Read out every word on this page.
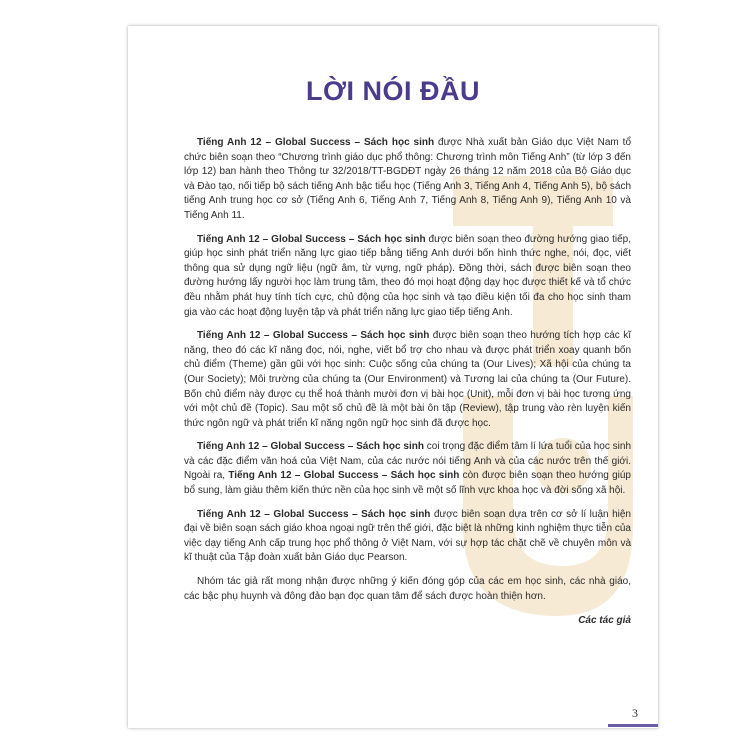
LỜI NÓI ĐẦU

Tiếng Anh 12 – Global Success – Sách học sinh được Nhà xuất bản Giáo dục Việt Nam tổ chức biên soạn theo “Chương trình giáo dục phổ thông: Chương trình môn Tiếng Anh” (từ lớp 3 đến lớp 12) ban hành theo Thông tư 32/2018/TT-BGDĐT ngày 26 tháng 12 năm 2018 của Bộ Giáo dục và Đào tạo, nối tiếp bộ sách tiếng Anh bậc tiểu học (Tiếng Anh 3, Tiếng Anh 4, Tiếng Anh 5), bộ sách tiếng Anh trung học cơ sở (Tiếng Anh 6, Tiếng Anh 7, Tiếng Anh 8, Tiếng Anh 9), Tiếng Anh 10 và Tiếng Anh 11.

Tiếng Anh 12 – Global Success – Sách học sinh được biên soạn theo đường hướng giao tiếp, giúp học sinh phát triển năng lực giao tiếp bằng tiếng Anh dưới bốn hình thức nghe, nói, đọc, viết thông qua sử dụng ngữ liệu (ngữ âm, từ vựng, ngữ pháp). Đồng thời, sách được biên soạn theo đường hướng lấy người học làm trung tâm, theo đó mọi hoạt động dạy học được thiết kế và tổ chức đều nhằm phát huy tính tích cực, chủ động của học sinh và tạo điều kiện tối đa cho học sinh tham gia vào các hoạt động luyện tập và phát triển năng lực giao tiếp tiếng Anh.

Tiếng Anh 12 – Global Success – Sách học sinh được biên soạn theo hướng tích hợp các kĩ năng, theo đó các kĩ năng đọc, nói, nghe, viết bổ trợ cho nhau và được phát triển xoay quanh bốn chủ điểm (Theme) gần gũi với học sinh: Cuộc sống của chúng ta (Our Lives); Xã hội của chúng ta (Our Society); Môi trường của chúng ta (Our Environment) và Tương lai của chúng ta (Our Future). Bốn chủ điểm này được cụ thể hoá thành mười đơn vị bài học (Unit), mỗi đơn vị bài học tương ứng với một chủ đề (Topic). Sau một số chủ đề là một bài ôn tập (Review), tập trung vào rèn luyện kiến thức ngôn ngữ và phát triển kĩ năng ngôn ngữ học sinh đã được học.

Tiếng Anh 12 – Global Success – Sách học sinh coi trọng đặc điểm tâm lí lứa tuổi của học sinh và các đặc điểm văn hoá của Việt Nam, của các nước nói tiếng Anh và của các nước trên thế giới. Ngoài ra, Tiếng Anh 12 – Global Success – Sách học sinh còn được biên soạn theo hướng giúp bổ sung, làm giàu thêm kiến thức nền của học sinh về một số lĩnh vực khoa học và đời sống xã hội.

Tiếng Anh 12 – Global Success – Sách học sinh được biên soạn dựa trên cơ sở lí luận hiện đại về biên soạn sách giáo khoa ngoại ngữ trên thế giới, đặc biệt là những kinh nghiệm thực tiễn của việc dạy tiếng Anh cấp trung học phổ thông ở Việt Nam, với sự hợp tác chặt chẽ về chuyên môn và kĩ thuật của Tập đoàn xuất bản Giáo dục Pearson.

Nhóm tác giả rất mong nhận được những ý kiến đóng góp của các em học sinh, các nhà giáo, các bậc phụ huynh và đông đảo bạn đọc quan tâm để sách được hoàn thiện hơn.

Các tác giả
3
